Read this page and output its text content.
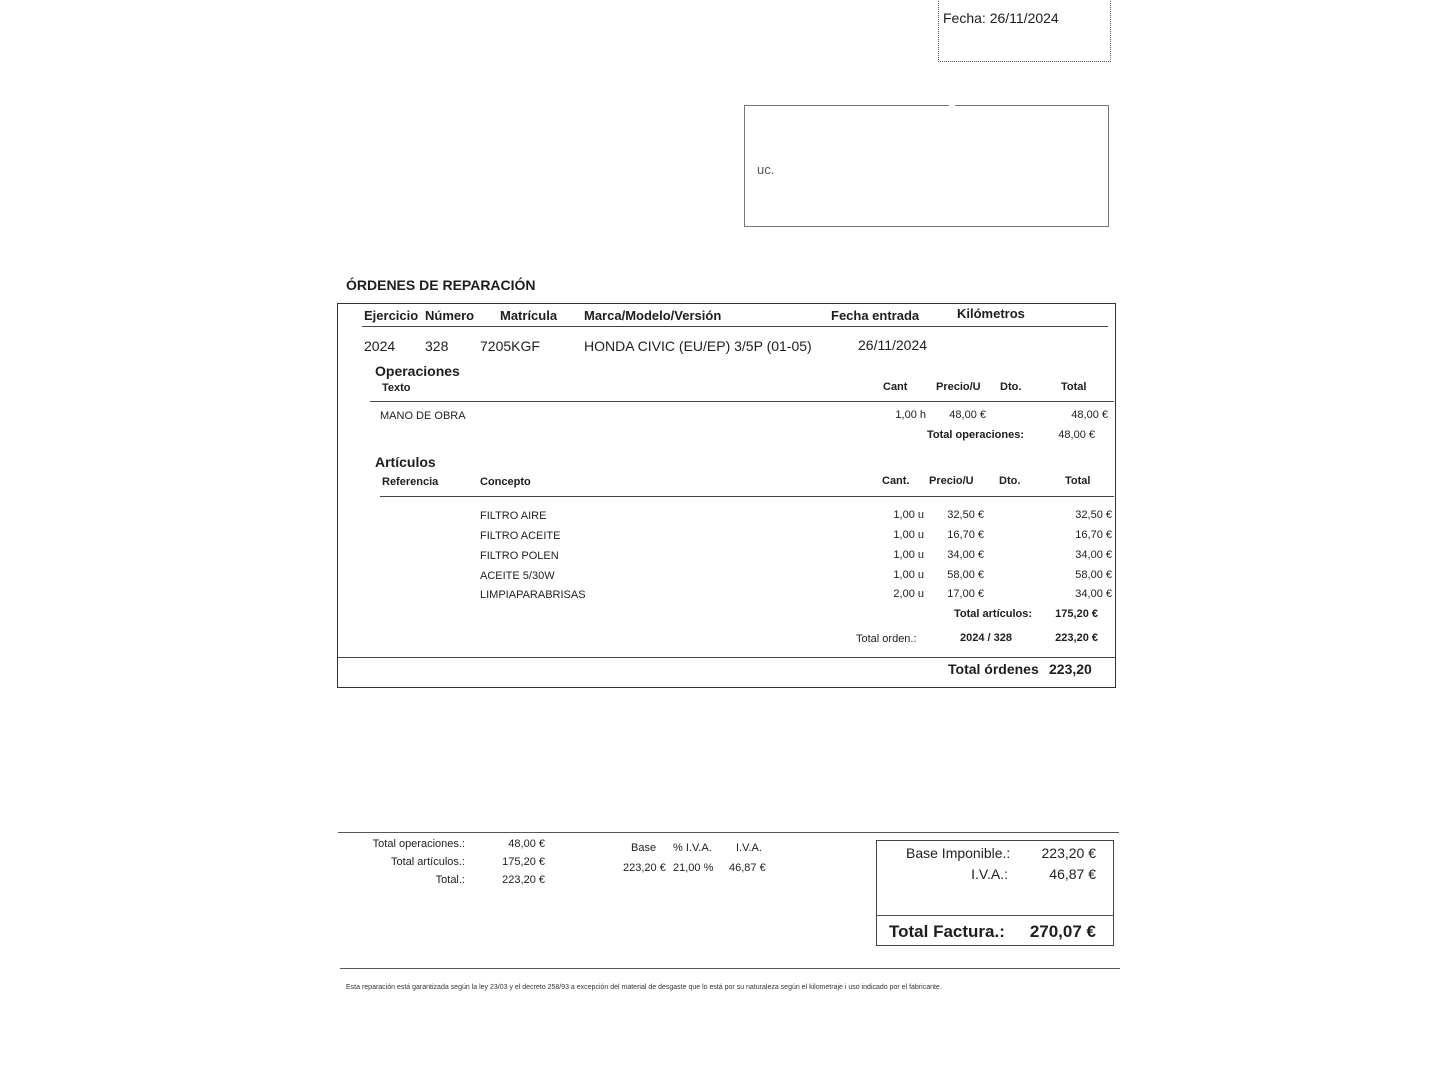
Fecha: 26/11/2024
uc.
ÓRDENES DE REPARACIÓN
Ejercicio Número Matrícula Marca/Modelo/Versión	Fecha entrada	Kilómetros
2024 328 7205KGF	HONDA CIVIC (EU/EP) 3/5P (01-05)	26/11/2024
Operaciones
Texto	Cant	Precio/U Dto.	Total
MANO DE OBRA	1,00 h	48,00 €	48,00 €
Total operaciones:	48,00 €
Artículos
Referencia	Concepto	Cant. Precio/U Dto.	Total
FILTRO AIRE	1,00 u	32,50 €	32,50 €
FILTRO ACEITE	1,00 u	16,70 €	16,70 €
FILTRO POLEN	1,00 u	34,00 €	34,00 €
ACEITE 5/30W	1,00 u	58,00 €	58,00 €
LIMPIAPARABRISAS	2,00 u	17,00 €	34,00 €
Total artículos:	175,20 €
Total orden.:	2024 / 328	223,20 €
Total órdenes 223,20
Total operaciones.:	48,00 €
Total artículos.:	175,20 €
Total.:	223,20 €
Base % I.V.A. I.V.A.
223,20 € 21,00 % 46,87 €
Base Imponible.:	223,20 €
I.V.A.:	46,87 €
Total Factura.:	270,07 €
Esta reparación está garantizada según la ley 23/03 y el decreto 258/93 a excepción del material de desgaste que lo está por su naturaleza según el kilometraje i uso indicado por el fabricante.
